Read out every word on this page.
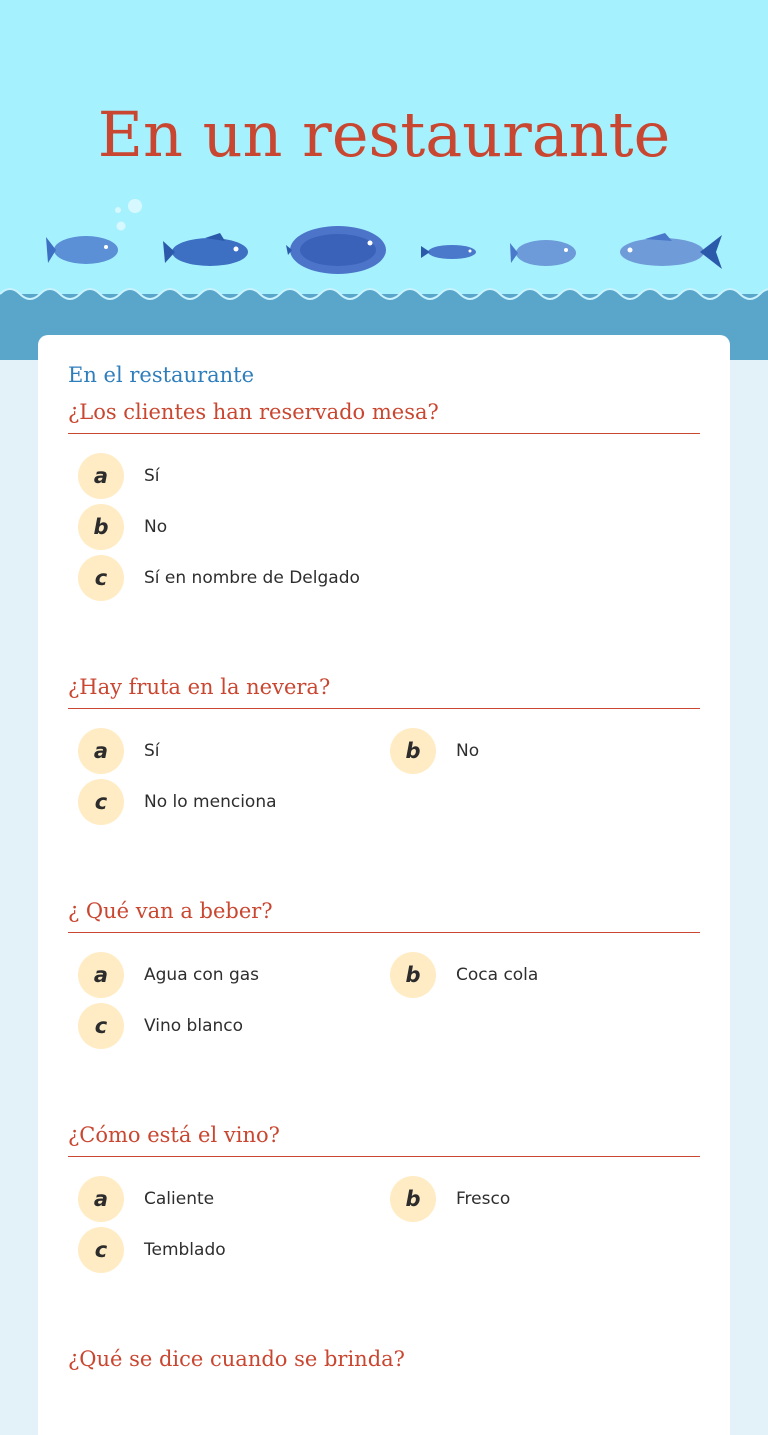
En un restaurante
En el restaurante
¿Los clientes han reservado mesa?
a	Sí
b	No
c	Sí en nombre de Delgado
¿Hay fruta en la nevera?
a	Sí	b	No
c	No lo menciona
¿ Qué van a beber?
a	Agua con gas	b	Coca cola
c	Vino blanco
¿Cómo está el vino?
a	Caliente	b	Fresco
c	Temblado
¿Qué se dice cuando se brinda?
